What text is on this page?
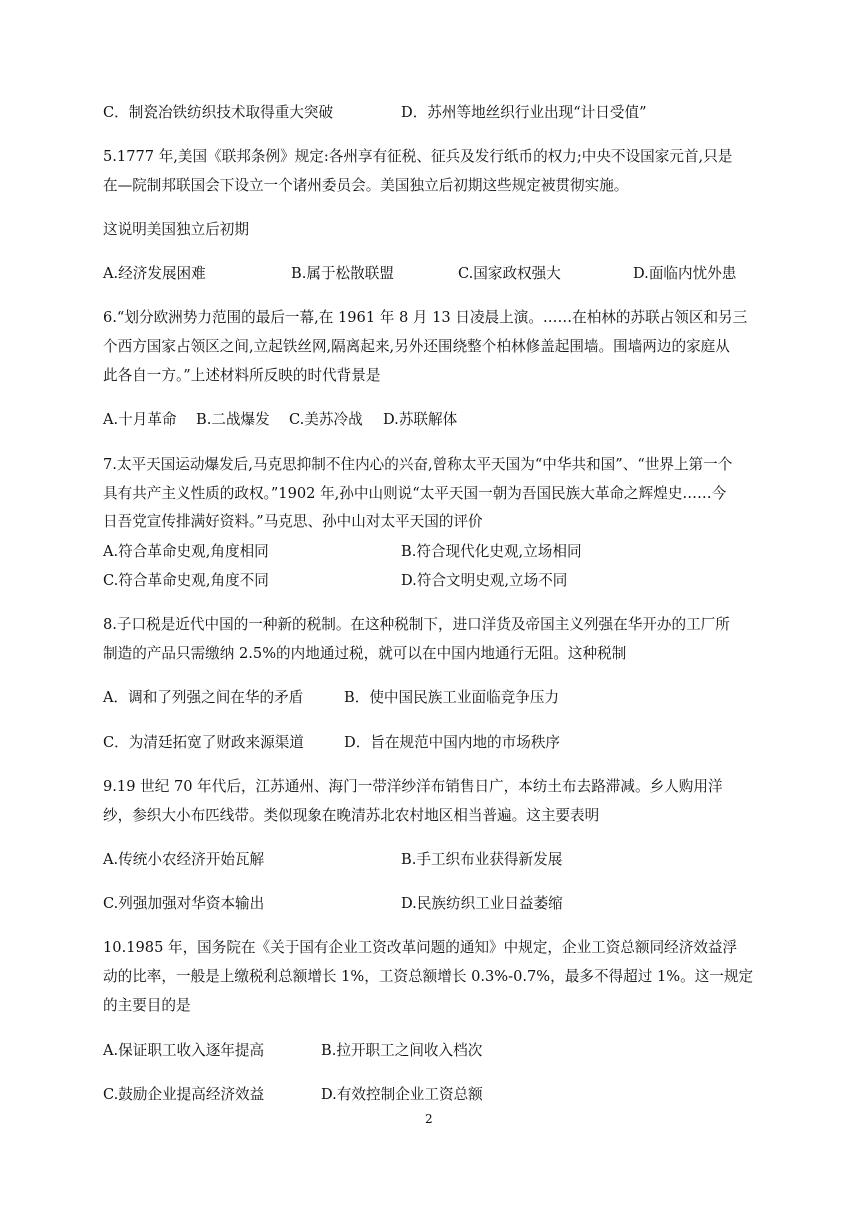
C．制瓷冶铁纺织技术取得重大突破	D．苏州等地丝织行业出现“计日受值”
5.1777 年,美国《联邦条例》规定:各州享有征税、征兵及发行纸币的权力;中央不设国家元首,只是
在—院制邦联国会下设立一个诸州委员会。美国独立后初期这些规定被贯彻实施。
这说明美国独立后初期
A.经济发展困难	B.属于松散联盟	C.国家政权强大	D.面临内忧外患
6.“划分欧洲势力范围的最后一幕,在 1961 年 8 月 13 日凌晨上演。……在柏林的苏联占领区和另三
个西方国家占领区之间,立起铁丝网,隔离起来,另外还围绕整个柏林修盖起围墙。围墙两边的家庭从
此各自一方。”上述材料所反映的时代背景是
A.十月革命 B.二战爆发 C.美苏冷战 D.苏联解体
7.太平天国运动爆发后,马克思抑制不住内心的兴奋,曾称太平天国为“中华共和国”、“世界上第一个
具有共产主义性质的政权。”1902 年,孙中山则说“太平天国一朝为吾国民族大革命之辉煌史……今
日吾党宣传排满好资料。”马克思、孙中山对太平天国的评价
A.符合革命史观,角度相同	B.符合现代化史观,立场相同
C.符合革命史观,角度不同	D.符合文明史观,立场不同
8.子口税是近代中国的一种新的税制。在这种税制下，进口洋货及帝国主义列强在华开办的工厂所
制造的产品只需缴纳 2.5%的内地通过税，就可以在中国内地通行无阻。这种税制
A．调和了列强之间在华的矛盾	B．使中国民族工业面临竞争压力
C．为清廷拓宽了财政来源渠道	D．旨在规范中国内地的市场秩序
9.19 世纪 70 年代后，江苏通州、海门一带洋纱洋布销售日广，本纺土布去路滞减。乡人购用洋
纱，参织大小布匹线带。类似现象在晚清苏北农村地区相当普遍。这主要表明
A.传统小农经济开始瓦解	B.手工织布业获得新发展
C.列强加强对华资本输出	D.民族纺织工业日益萎缩
10.1985 年，国务院在《关于国有企业工资改革问题的通知》中规定，企业工资总额同经济效益浮
动的比率，一般是上缴税利总额增长 1%，工资总额增长 0.3%-0.7%，最多不得超过 1%。这一规定
的主要目的是
A.保证职工收入逐年提高	B.拉开职工之间收入档次
C.鼓励企业提高经济效益	D.有效控制企业工资总额
2
